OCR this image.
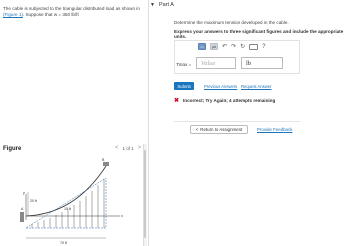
The cable is subjected to the triangular distributed load as shown in
(Figure 1). Suppose that w = 350 lb/ft
Figure	< 1 of 1 >
20 ft
15 ft
70 ft
A
B
y
x
▼ Part A
Determine the maximum tension developed in the cable.
Express your answers to three significant figures and include the appropriate units.
▭	μA ↶ ↷ ↻	?
Tmax =	Value	lb
Submit	Previous Answers Request Answer
✖ Incorrect; Try Again; 4 attempts remaining
< Return to Assignment	Provide Feedback
